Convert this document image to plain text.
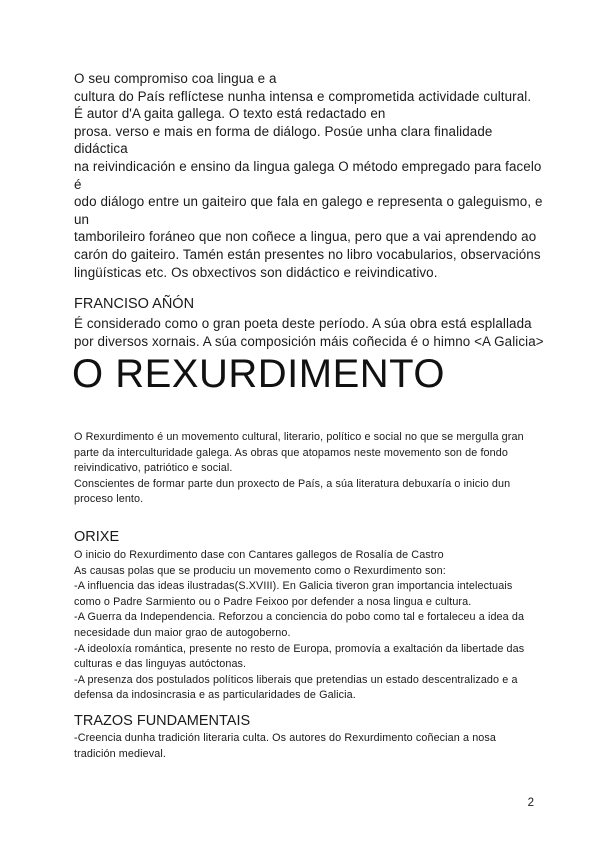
O seu compromiso coa lingua e a
cultura do País reflíctese nunha intensa e comprometida actividade cultural.
É autor d'A gaita gallega. O texto está redactado en
prosa. verso e mais en forma de diálogo. Posúe unha clara finalidade
didáctica
na reivindicación e ensino da lingua galega O método empregado para facelo
é
odo diálogo entre un gaiteiro que fala en galego e representa o galeguismo, e
un
tamborileiro foráneo que non coñece a lingua, pero que a vai aprendendo ao
carón do gaiteiro. Tamén están presentes no libro vocabularios, observacións
lingüísticas etc. Os obxectivos son didáctico e reivindicativo.
FRANCISO AÑÓN
É considerado como o gran poeta deste período. A súa obra está esplallada
por diversos xornais. A súa composición máis coñecida é o himno <A Galicia>
O REXURDIMENTO
O Rexurdimento é un movemento cultural, literario, político e social no que se mergulla gran
parte da interculturidade galega. As obras que atopamos neste movemento son de fondo
reivindicativo, patriótico e social.
Conscientes de formar parte dun proxecto de País, a súa literatura debuxaría o inicio dun
proceso lento.
ORIXE
O inicio do Rexurdimento dase con Cantares gallegos de Rosalía de Castro
As causas polas que se produciu un movemento como o Rexurdimento son:
-A influencia das ideas ilustradas(S.XVIII). En Galicia tiveron gran importancia intelectuais
como o Padre Sarmiento ou o Padre Feixoo por defender a nosa lingua e cultura.
-A Guerra da Independencia. Reforzou a conciencia do pobo como tal e fortaleceu a idea da
necesidade dun maior grao de autogoberno.
-A ideoloxía romántica, presente no resto de Europa, promovía a exaltación da libertade das
culturas e das linguyas autóctonas.
-A presenza dos postulados políticos liberais que pretendias un estado descentralizado e a
defensa da indosincrasia e as particularidades de Galicia.
TRAZOS FUNDAMENTAIS
-Creencia dunha tradición literaria culta. Os autores do Rexurdimento coñecian a nosa
tradición medieval.
2
